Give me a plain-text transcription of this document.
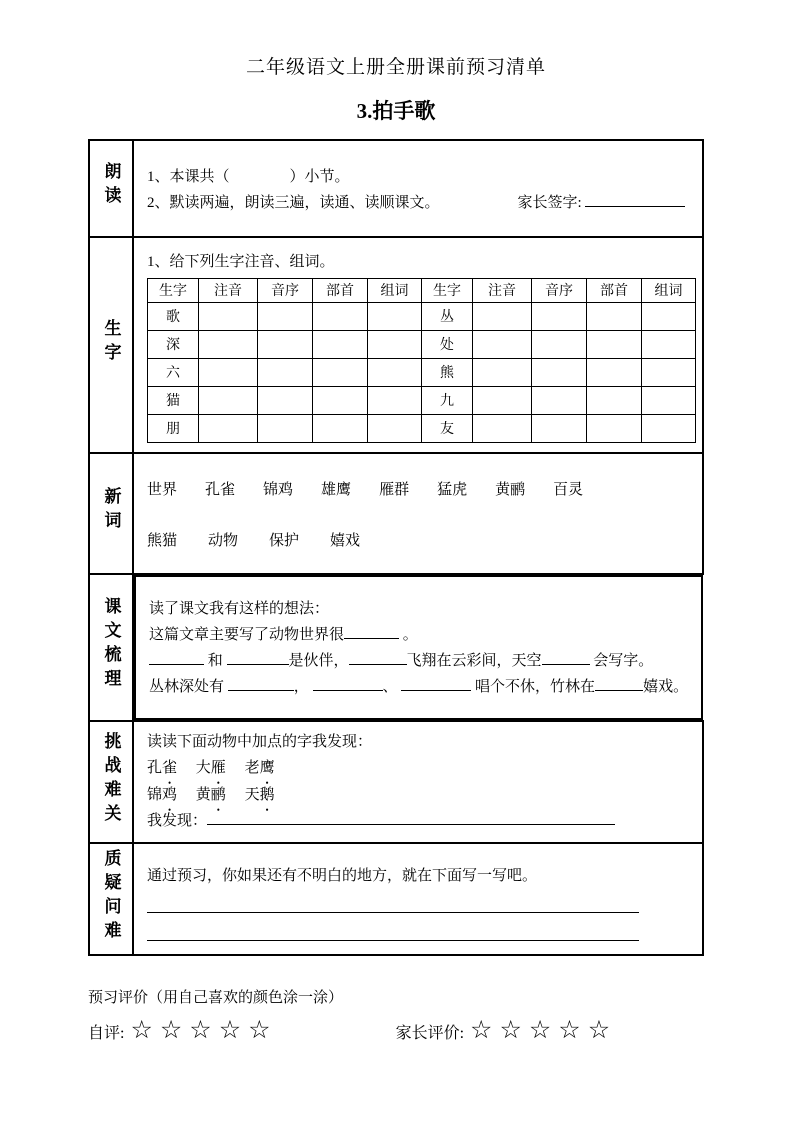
二年级语文上册全册课前预习清单
3.拍手歌
朗读	1、本课共（　　　　）小节。
2、默读两遍，朗读三遍，读通、读顺课文。	家长签字:

生字	
1、给下列生字注音、组词。
生字	注音	音序	部首	组词	生字	注音	音序	部首	组词
歌					丛				
深					处				
六					熊				
猫					九				
朋					友				

新词	世界 孔雀 锦鸡 雄鹰 雁群 猛虎 黄鹂 百灵
熊猫 动物 保护 嬉戏

课文梳理	读了课文我有这样的想法：
这篇文章主要写了动物世界很	。
和	是伙伴，	飞翔在云彩间，天空	会写字。
丛林深处有	，	、	唱个不休，竹林在	嬉戏。

挑战难关	读读下面动物中加点的字我发现：
孔雀 大雁 老鹰
锦鸡 黄鹂 天鹅
我发现：

质疑问难	通过预习，你如果还有不明白的地方，就在下面写一写吧。
预习评价（用自己喜欢的颜色涂一涂）
自评: ☆ ☆ ☆ ☆ ☆	家长评价: ☆ ☆ ☆ ☆ ☆
